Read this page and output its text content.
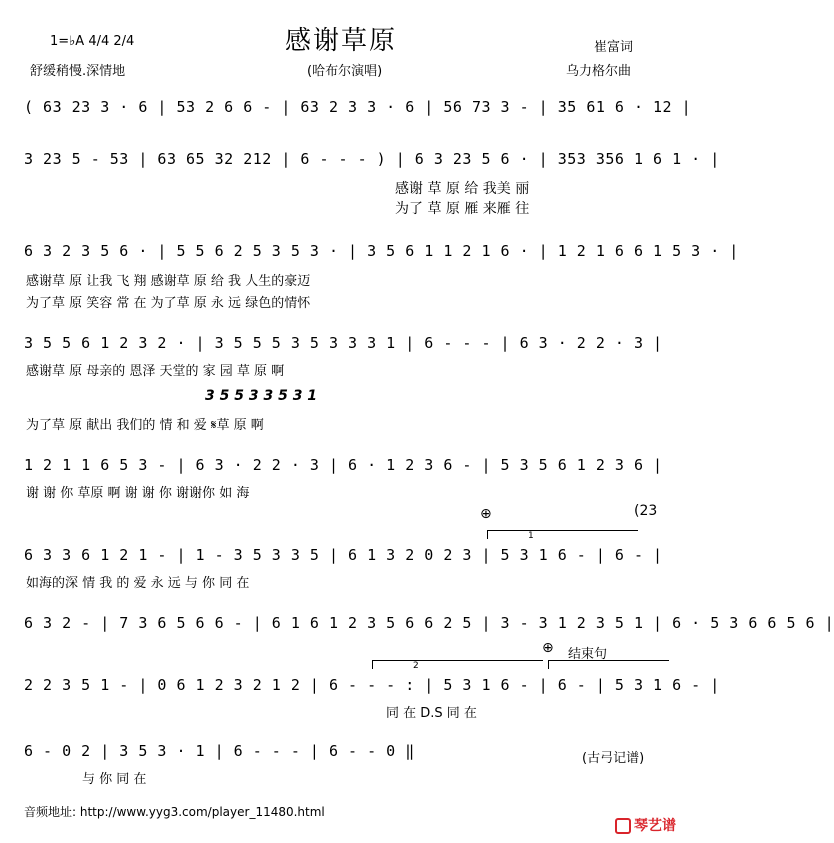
1=♭A 4/4 2/4	感谢草原
舒缓稍慢.深情地	(哈布尔演唱)
崔富词
乌力格尔曲
( 63 23 3 · 6 | 53 2 6 6 - | 63 2 3 3 · 6 | 56 73 3 - | 35 61 6 · 12 |
3 23 5 - 53 | 63 65 32 212 | 6 - - - ) | 6 3 23 5 6 · | 353 356 1 6 1 · |
感谢 草 原 给 我美 丽
为了 草 原 雁 来雁 往
6 3 2 3 5 6 · | 5 5 6 2 5 3 5 3 · | 3 5 6 1 1 2 1 6 · | 1 2 1 6 6 1 5 3 · |
感谢草 原 让我 飞 翔 感谢草 原 给 我 人生的豪迈
为了草 原 笑容 常 在 为了草 原 永 远 绿色的情怀
3 5 5 6 1 2 3 2 · | 3 5 5 5 3 5 3 3 3 1 | 6 - - - | 6 3 · 2 2 · 3 |
感谢草 原 母亲的 恩泽 天堂的 家 园 草 原 啊
3 5 5 3 3 5 3 1
为了草 原 献出 我们的 情 和 爱 𝄋草 原 啊
1 2 1 1 6 5 3 - | 6 3 · 2 2 · 3 | 6 · 1 2 3 6 - | 5 3 5 6 1 2 3 6 |
谢 谢 你 草原 啊 谢 谢 你 谢谢你 如 海
⊕	(23
1
6 3 3 6 1 2 1 - | 1 - 3 5 3 3 5 | 6 1 3 2 0 2 3 | 5 3 1 6 - | 6 - |
如海的深 情 我 的 爱 永 远 与 你 同 在
6 3 2 - | 7 3 6 5 6 6 - | 6 1 6 1 2 3 5 6 6 2 5 | 3 - 3 1 2 3 5 1 | 6 · 5 3 6 6 5 6 |
⊕ 结束句
2
2 2 3 5 1 - | 0 6 1 2 3 2 1 2 | 6 - - - : | 5 3 1 6 - | 6 - | 5 3 1 6 - |
同 在 D.S 同 在
6 - 0 2 | 3 5 3 · 1 | 6 - - - | 6 - - 0 ‖
与 你 同 在
(古弓记谱)
音频地址: http://www.yyg3.com/player_11480.html
琴艺谱
